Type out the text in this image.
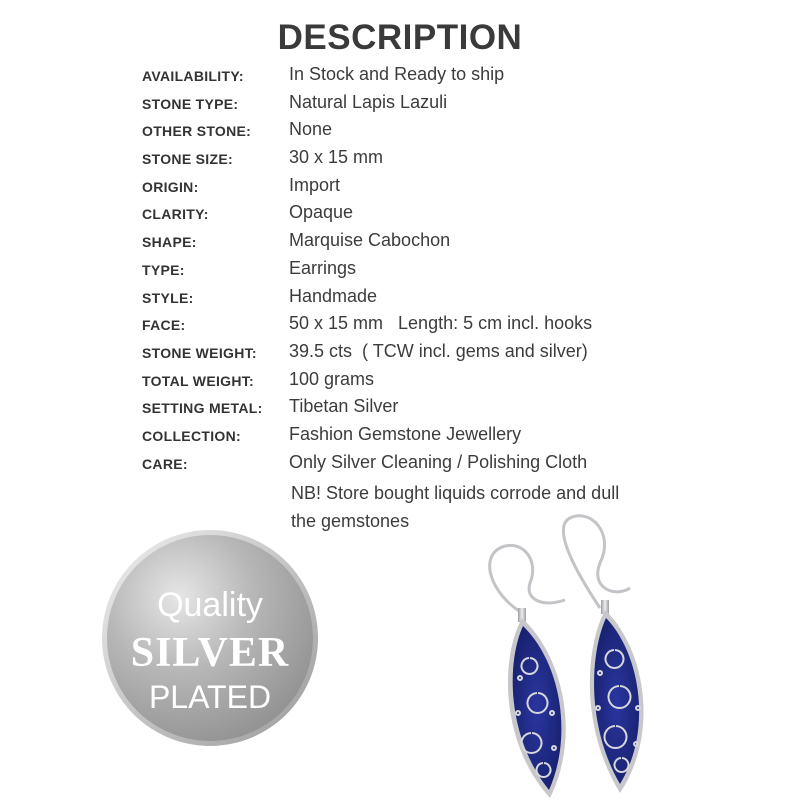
DESCRIPTION
AVAILABILITY:	In Stock and Ready to ship
STONE TYPE:	Natural Lapis Lazuli
OTHER STONE: None
STONE SIZE:	30 x 15 mm
ORIGIN:	Import
CLARITY:	Opaque
SHAPE:	Marquise Cabochon
TYPE:	Earrings
STYLE:	Handmade
FACE:	50 x 15 mm   Length: 5 cm incl. hooks
STONE WEIGHT: 39.5 cts  ( TCW incl. gems and silver)
TOTAL WEIGHT: 100 grams
SETTING METAL: Tibetan Silver
COLLECTION:	Fashion Gemstone Jewellery
CARE:	Only Silver Cleaning / Polishing Cloth
NB! Store bought liquids corrode and dull
the gemstones
Quality
SILVER
PLATED
